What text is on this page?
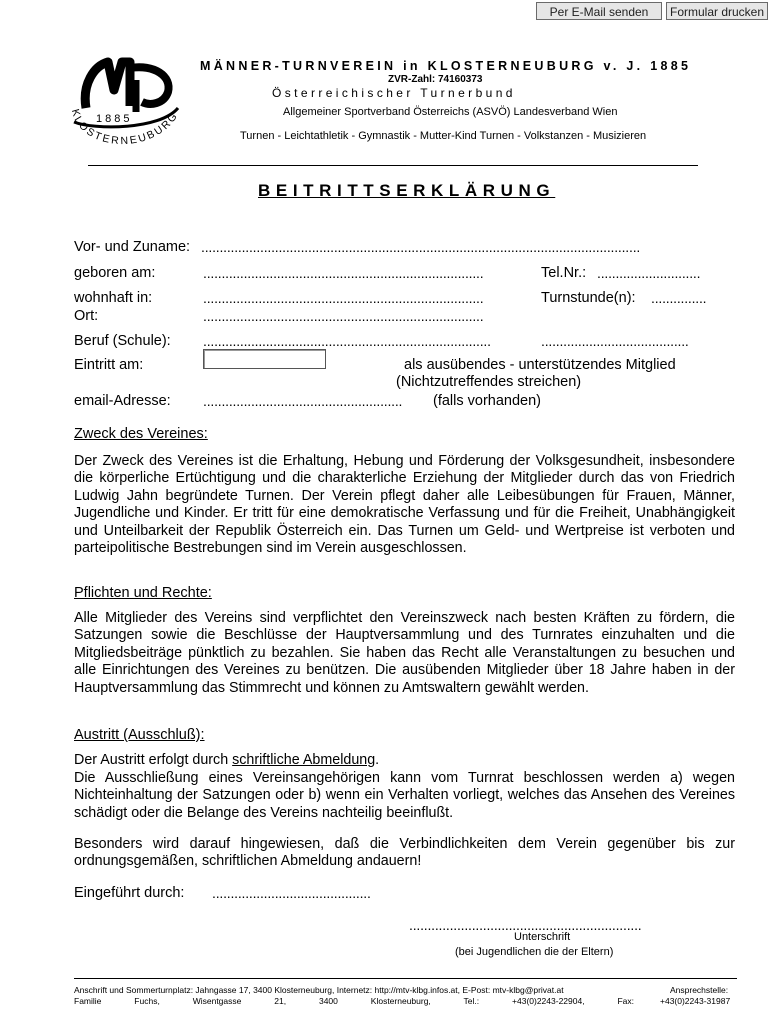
Per E-Mail senden	Formular drucken
1885
KLOSTERNEUBURG
MÄNNER-TURNVEREIN in KLOSTERNEUBURG v. J. 1885
ZVR-Zahl: 74160373
Österreichischer Turnerbund
Allgemeiner Sportverband Österreichs (ASVÖ) Landesverband Wien
Turnen - Leichtathletik - Gymnastik - Mutter-Kind Turnen - Volkstanzen - Musizieren
BEITRITTSERKLÄRUNG
Vor- und Zuname: .......................................................................................................................
geboren am:	............................................................................	Tel.Nr.: ............................
wohnhaft in:	............................................................................	Turnstunde(n): ...............
Ort:	............................................................................
Beruf (Schule): ..............................................................................	........................................
Eintritt am:	als ausübendes - unterstützendes Mitglied
(Nichtzutreffendes streichen)
email-Adresse: ...................................................... (falls vorhanden)
Zweck des Vereines:
Der Zweck des Vereines ist die Erhaltung, Hebung und Förderung der Volksgesundheit, insbesondere die körperliche Ertüchtigung und die charakterliche Erziehung der Mitglieder durch das von Friedrich Ludwig Jahn begründete Turnen. Der Verein pflegt daher alle Leibesübungen für Frauen, Männer, Jugendliche und Kinder. Er tritt für eine demokratische Verfassung und für die Freiheit, Unabhängigkeit und Unteilbarkeit der Republik Österreich ein. Das Turnen um Geld- und Wertpreise ist verboten und parteipolitische Bestrebungen sind im Verein ausgeschlossen.
Pflichten und Rechte:
Alle Mitglieder des Vereins sind verpflichtet den Vereinszweck nach besten Kräften zu fördern, die Satzungen sowie die Beschlüsse der Hauptversammlung und des Turnrates einzuhalten und die Mitgliedsbeiträge pünktlich zu bezahlen. Sie haben das Recht alle Veranstaltungen zu besuchen und alle Einrichtungen des Vereines zu benützen. Die ausübenden Mitglieder über 18 Jahre haben in der Hauptversammlung das Stimmrecht und können zu Amtswaltern gewählt werden.
Austritt (Ausschluß):
Der Austritt erfolgt durch schriftliche Abmeldung.
Die Ausschließung eines Vereinsangehörigen kann vom Turnrat beschlossen werden a) wegen Nichteinhaltung der Satzungen oder b) wenn ein Verhalten vorliegt, welches das Ansehen des Vereines schädigt oder die Belange des Vereins nachteilig beeinflußt.
Besonders wird darauf hingewiesen, daß die Verbindlichkeiten dem Verein gegenüber bis zur ordnungsgemäßen, schriftlichen Abmeldung andauern!
Eingeführt durch: ...........................................
...............................................................
Unterschrift
(bei Jugendlichen die der Eltern)
Anschrift und Sommerturnplatz: Jahngasse 17, 3400 Klosterneuburg, Internetz: http://mtv-klbg.infos.at, E-Post: mtv-klbg@privat.at	Ansprechstelle:
Familie Fuchs, Wisentgasse 21, 3400 Klosterneuburg, Tel.: +43(0)2243-22904, Fax:	+43(0)2243-31987
